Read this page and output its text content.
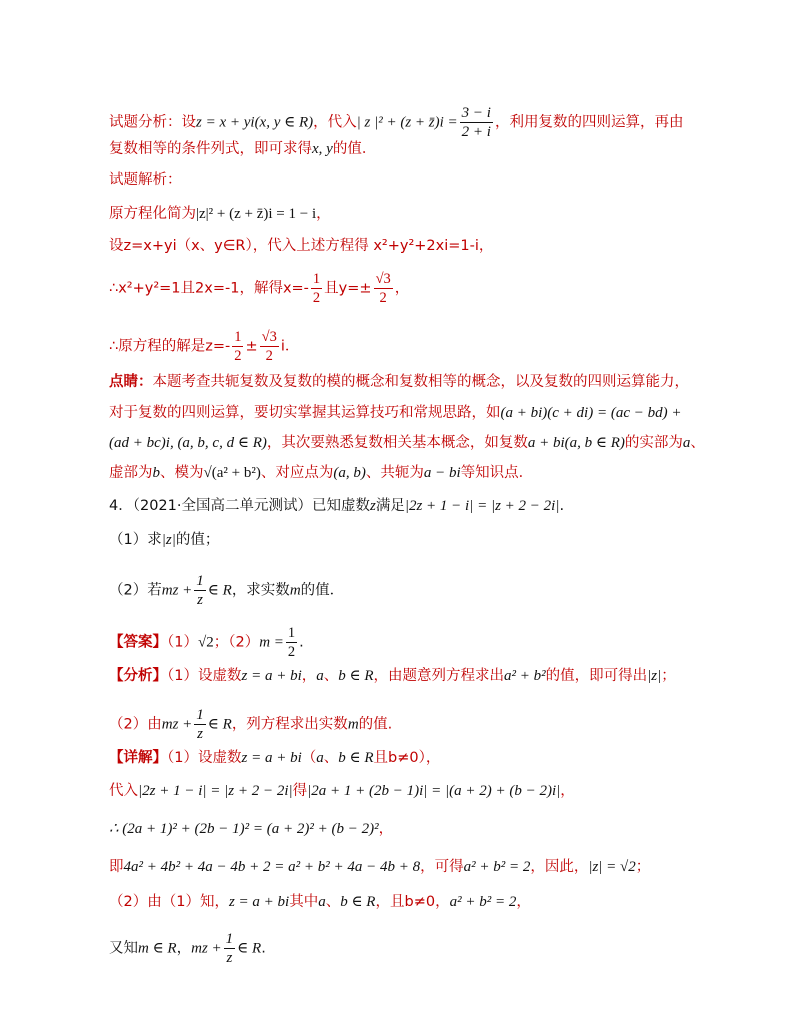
试题分析：设z = x + yi(x, y ∈ R)，代入| z |² + (z + z̄)i = $\frac{3 - i}{2 + i}$ ，利用复数的四则运算，再由
复数相等的条件列式，即可求得x, y的值．
试题解析：
原方程化简为|z|² + (z + z̄)i = 1 − i，
设z=x+yi（x、y∈R），代入上述方程得 x²+y²+2xi=1-i，
∴x²+y²=1且2x=-1，解得$x=- \frac{1}{2}$ 且$y=\pm \frac{√3}{2}$ ，
∴原方程的解是$z=- \frac{1}{2} \pm \frac{√3}{2}$ i．
点睛：本题考查共轭复数及复数的模的概念和复数相等的概念，以及复数的四则运算能力，
对于复数的四则运算，要切实掌握其运算技巧和常规思路，如(a + bi)(c + di) = (ac − bd) +
(ad + bc)i, (a, b, c, d ∈ R)，其次要熟悉复数相关基本概念，如复数a + bi(a, b ∈ R)的实部为a、
虚部为b、模为√(a² + b²)、对应点为(a, b)、共轭为a − bi等知识点．
4．（2021·全国高二单元测试）已知虚数z满足|2z + 1 − i| = |z + 2 − 2i|.
（1）求|z|的值；
（2）若mz + $\frac{1}{z}$ ∈ R，求实数m的值．
【答案】（1）√2；$(2)m = \frac{1}{2}$ .
【分析】（1）设虚数z = a + bi，a、b ∈ R，由题意列方程求出a² + b²的值，即可得出|z|；
（2）由mz + $\frac{1}{z}$ ∈ R，列方程求出实数m的值.
【详解】（1）设虚数z = a + bi（a、b ∈ R且b≠0），
代入|2z + 1 − i| = |z + 2 − 2i|得|2a + 1 + (2b − 1)i| = |(a + 2) + (b − 2)i|，
∴ (2a + 1)² + (2b − 1)² = (a + 2)² + (b − 2)²，
即4a² + 4b² + 4a − 4b + 2 = a² + b² + 4a − 4b + 8，可得a² + b² = 2，因此，|z| = √2；
（2）由（1）知，z = a + bi其中a、b ∈ R，且b≠0，a² + b² = 2，
又知m ∈ R，mz + $\frac{1}{z}$ ∈ R.
